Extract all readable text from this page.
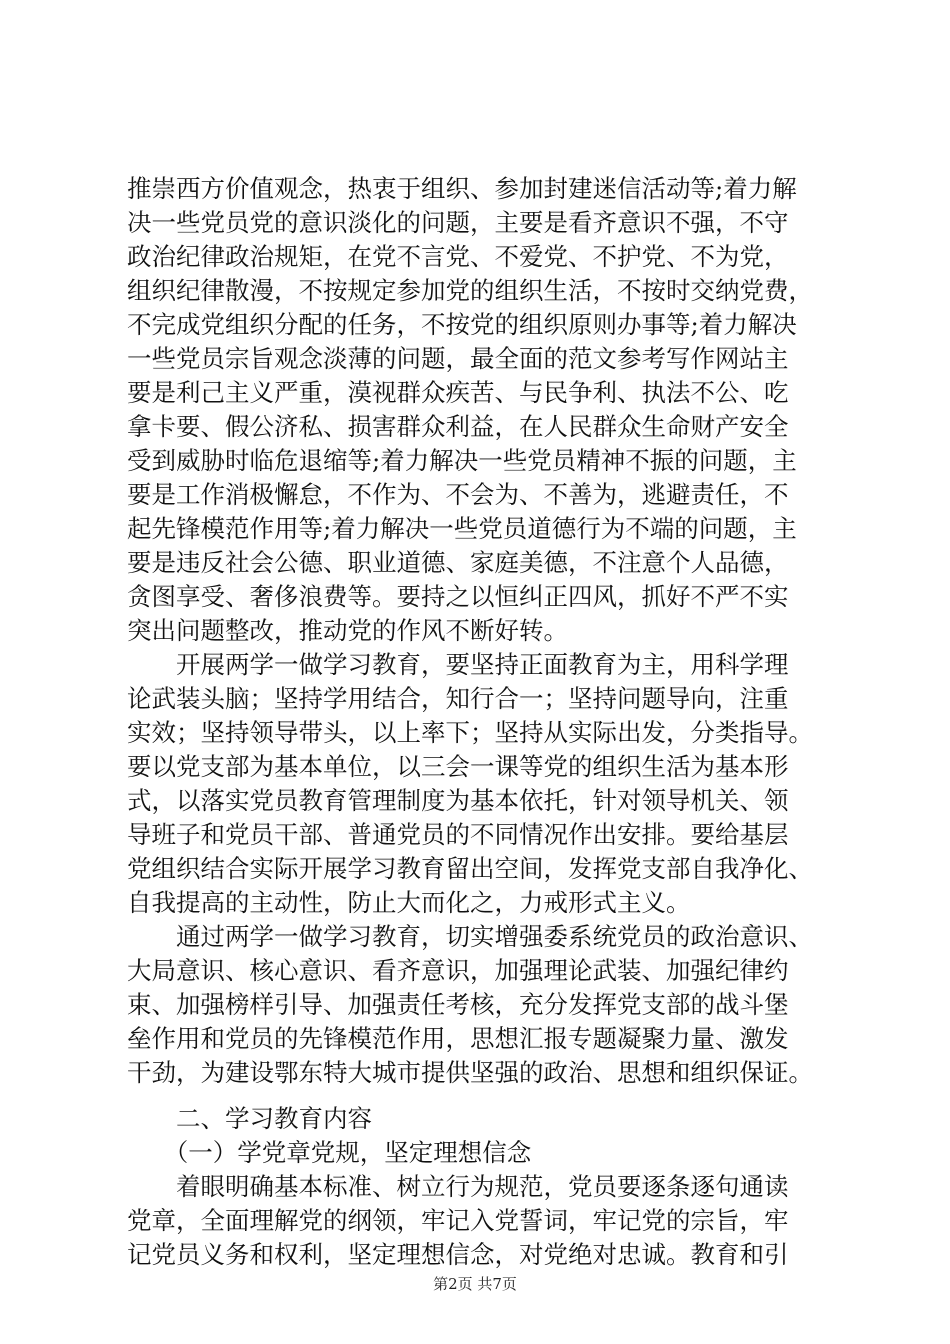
推崇西方价值观念，热衷于组织、参加封建迷信活动等;着力解
决一些党员党的意识淡化的问题，主要是看齐意识不强，不守
政治纪律政治规矩，在党不言党、不爱党、不护党、不为党，
组织纪律散漫，不按规定参加党的组织生活，不按时交纳党费，
不完成党组织分配的任务，不按党的组织原则办事等;着力解决
一些党员宗旨观念淡薄的问题，最全面的范文参考写作网站主
要是利己主义严重，漠视群众疾苦、与民争利、执法不公、吃
拿卡要、假公济私、损害群众利益，在人民群众生命财产安全
受到威胁时临危退缩等;着力解决一些党员精神不振的问题，主
要是工作消极懈怠，不作为、不会为、不善为，逃避责任，不
起先锋模范作用等;着力解决一些党员道德行为不端的问题，主
要是违反社会公德、职业道德、家庭美德，不注意个人品德，
贪图享受、奢侈浪费等。要持之以恒纠正四风，抓好不严不实
突出问题整改，推动党的作风不断好转。
　　开展两学一做学习教育，要坚持正面教育为主，用科学理
论武装头脑；坚持学用结合，知行合一；坚持问题导向，注重
实效；坚持领导带头，以上率下；坚持从实际出发，分类指导。
要以党支部为基本单位，以三会一课等党的组织生活为基本形
式，以落实党员教育管理制度为基本依托，针对领导机关、领
导班子和党员干部、普通党员的不同情况作出安排。要给基层
党组织结合实际开展学习教育留出空间，发挥党支部自我净化、
自我提高的主动性，防止大而化之，力戒形式主义。
　　通过两学一做学习教育，切实增强委系统党员的政治意识、
大局意识、核心意识、看齐意识，加强理论武装、加强纪律约
束、加强榜样引导、加强责任考核，充分发挥党支部的战斗堡
垒作用和党员的先锋模范作用，思想汇报专题凝聚力量、激发
干劲，为建设鄂东特大城市提供坚强的政治、思想和组织保证。
　　二、学习教育内容
　　（一）学党章党规，坚定理想信念
　　着眼明确基本标准、树立行为规范，党员要逐条逐句通读
党章，全面理解党的纲领，牢记入党誓词，牢记党的宗旨，牢
记党员义务和权利，坚定理想信念，对党绝对忠诚。教育和引
第2页 共7页
